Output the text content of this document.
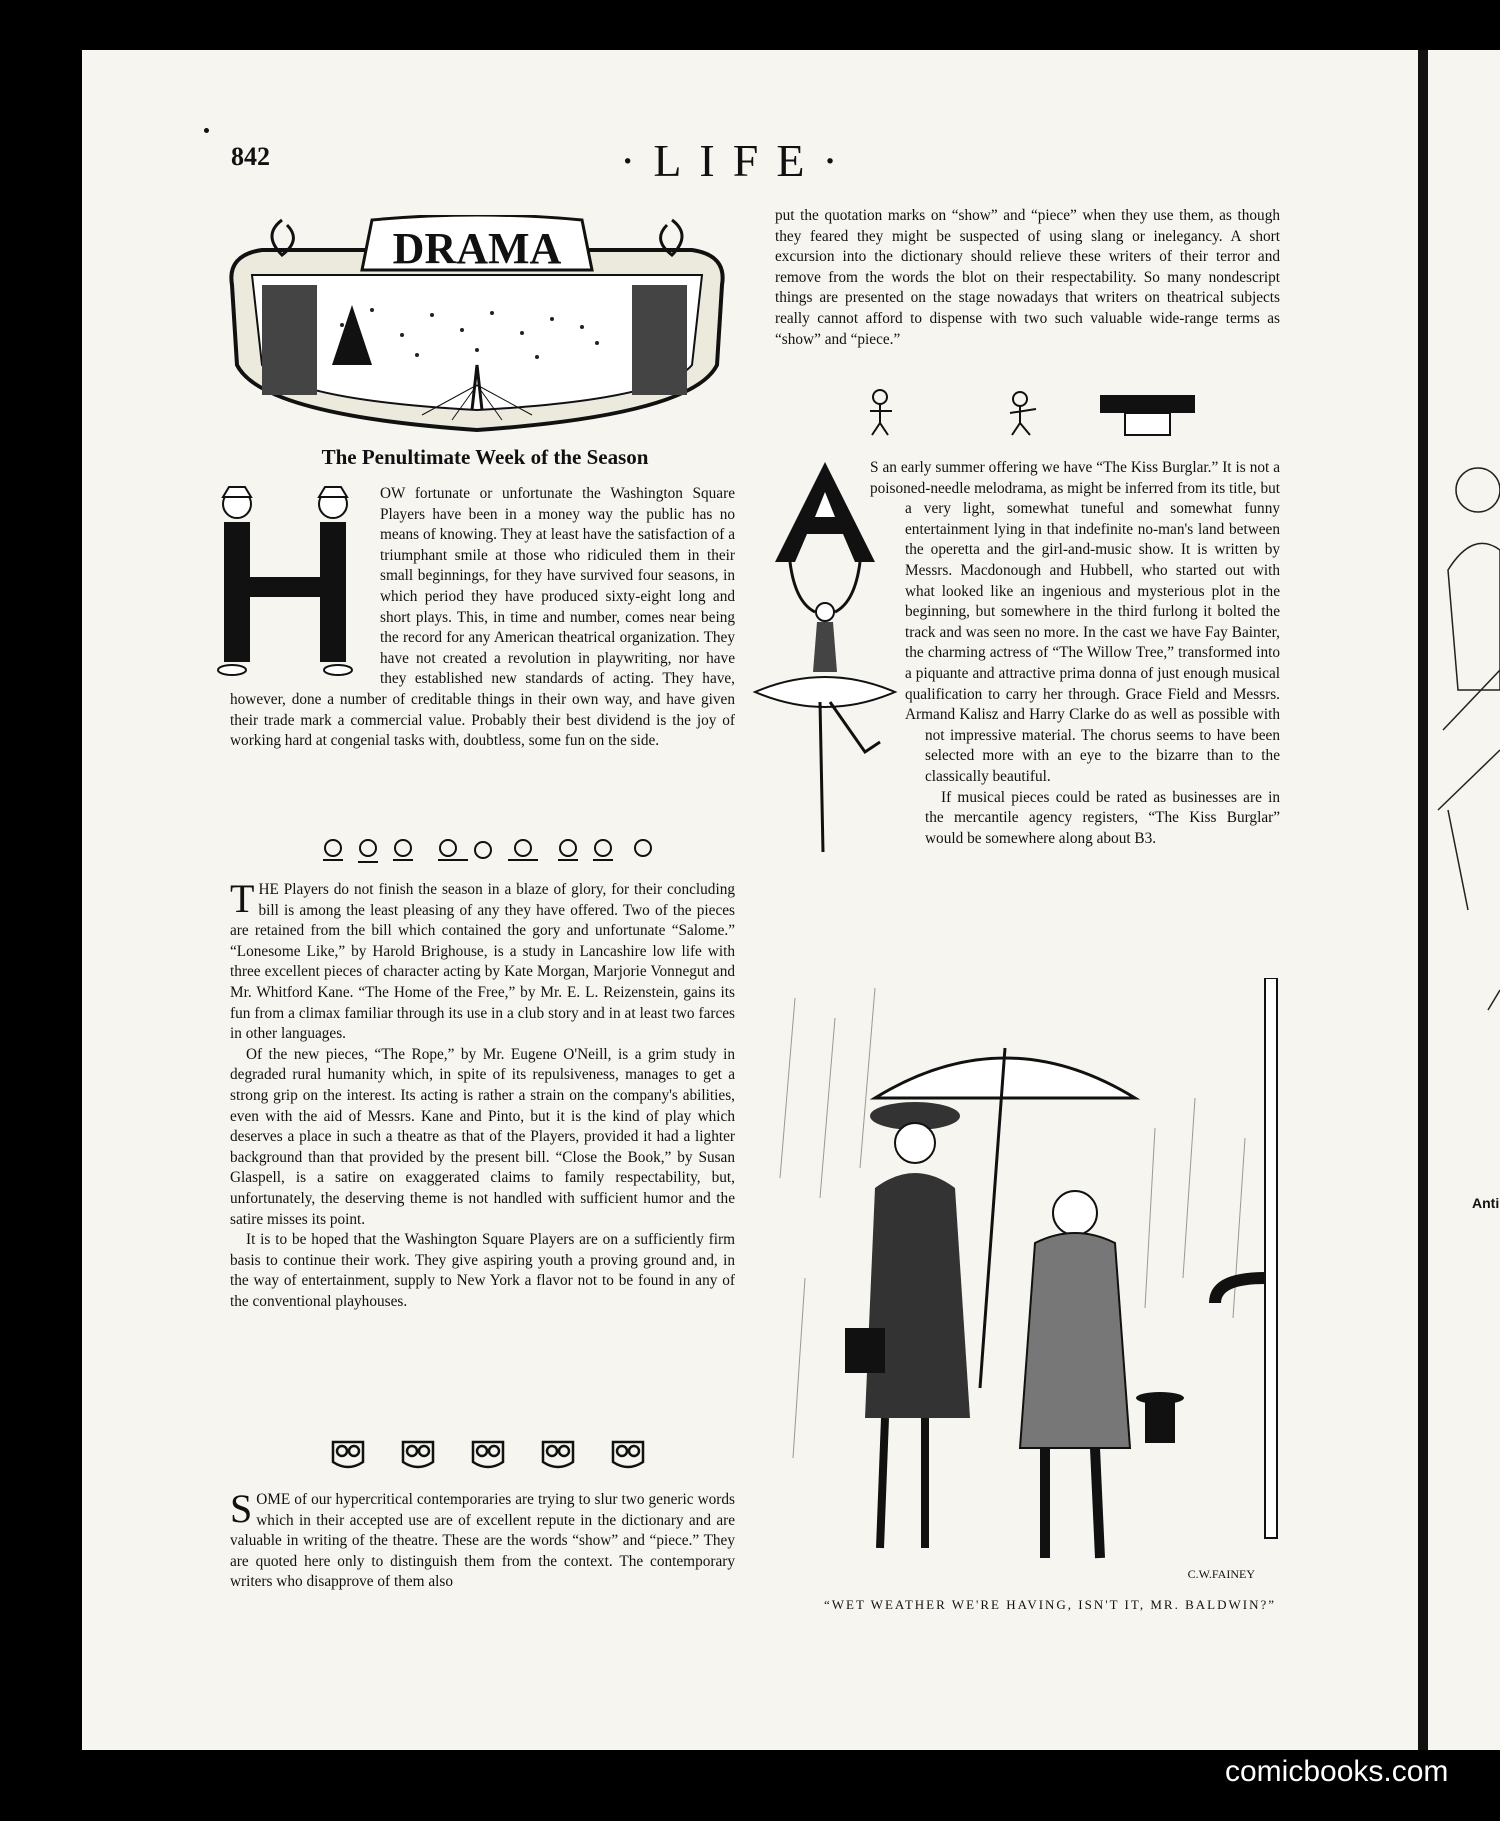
Anti
842	·LIFE·
DRAMA
The Penultimate Week of the Season

OW fortunate or unfortunate the Washington Square Players have been in a money way the public has no means of knowing. They at least have the satisfaction of a triumphant smile at those who ridiculed them in their small beginnings, for they have survived four seasons, in which period they have produced sixty-eight long and short plays. This, in time and number, comes near being the record for any American theatrical organization. They have not created a revolution in playwriting, nor have they established new standards of acting. They have, however, done a number of creditable things in their own way, and have given their trade mark a commercial value. Probably their best dividend is the joy of working hard at congenial tasks with, doubtless, some fun on the side.

T HE Players do not finish the season in a blaze of glory, for their concluding bill is among the least pleasing of any they have offered. Two of the pieces are retained from the bill which contained the gory and unfortunate “Salome.” “Lonesome Like,” by Harold Brighouse, is a study in Lancashire low life with three excellent pieces of character acting by Kate Morgan, Marjorie Vonnegut and Mr. Whitford Kane. “The Home of the Free,” by Mr. E. L. Reizenstein, gains its fun from a climax familiar through its use in a club story and in at least two farces in other languages.

Of the new pieces, “The Rope,” by Mr. Eugene O'Neill, is a grim study in degraded rural humanity which, in spite of its repulsiveness, manages to get a strong grip on the interest. Its acting is rather a strain on the company's abilities, even with the aid of Messrs. Kane and Pinto, but it is the kind of play which deserves a place in such a theatre as that of the Players, provided it had a lighter background than that provided by the present bill. “Close the Book,” by Susan Glaspell, is a satire on exaggerated claims to family respectability, but, unfortunately, the deserving theme is not handled with sufficient humor and the satire misses its point.

It is to be hoped that the Washington Square Players are on a sufficiently firm basis to continue their work. They give aspiring youth a proving ground and, in the way of entertainment, supply to New York a flavor not to be found in any of the conventional playhouses.

S OME of our hypercritical contemporaries are trying to slur two generic words which in their accepted use are of excellent repute in the dictionary and are valuable in writing of the theatre. These are the words “show” and “piece.” They are quoted here only to distinguish them from the context. The contemporary writers who disapprove of them also

put the quotation marks on “show” and “piece” when they use them, as though they feared they might be suspected of using slang or inelegancy. A short excursion into the dictionary should relieve these writers of their terror and remove from the words the blot on their respectability. So many nondescript things are presented on the stage nowadays that writers on theatrical subjects really cannot afford to dispense with two such valuable wide-range terms as “show” and “piece.”

S an early summer offering we have “The Kiss Burglar.” It is not a poisoned-needle melodrama, as might be inferred from its title, but a very light, somewhat tuneful and somewhat funny entertainment lying in that indefinite no-man's land between the operetta and the girl-and-music show. It is written by Messrs. Macdonough and Hubbell, who started out with what looked like an ingenious and mysterious plot in the beginning, but somewhere in the third furlong it bolted the track and was seen no more. In the cast we have Fay Bainter, the charming actress of “The Willow Tree,” transformed into a piquante and attractive prima donna of just enough musical qualification to carry her through. Grace Field and Messrs. Armand Kalisz and Harry Clarke do as well as possible with not impressive material. The chorus seems to have been selected more with an eye to the bizarre than to the classically beautiful.

If musical pieces could be rated as businesses are in the mercantile agency registers, “The Kiss Burglar” would be somewhere along about B3.

C.W.FAINEY
“WET WEATHER WE'RE HAVING, ISN'T IT, MR. BALDWIN?”
comicbooks.com
